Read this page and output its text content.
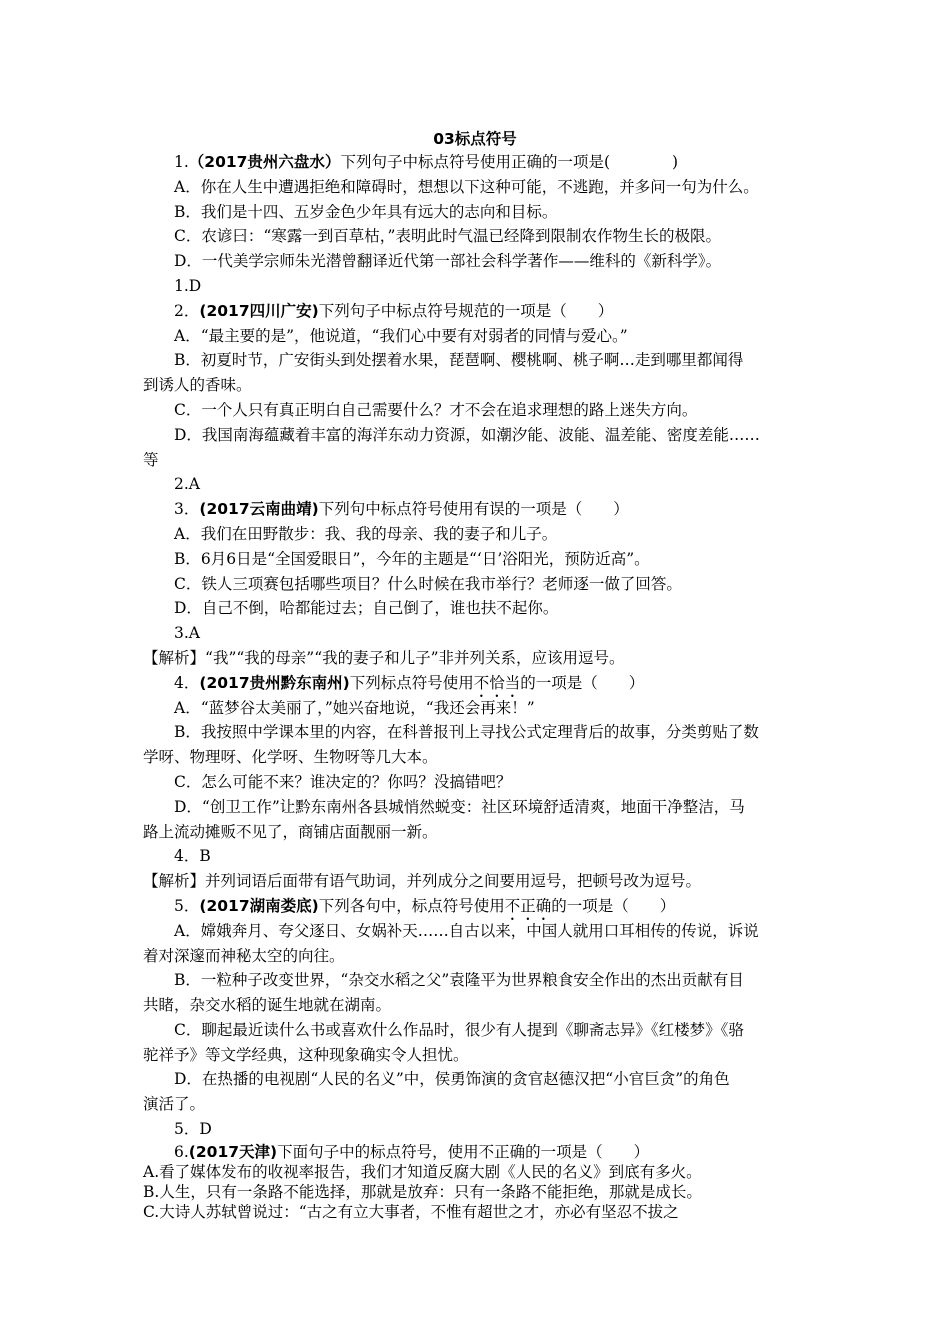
03标点符号
1.（2017贵州六盘水）下列句子中标点符号使用正确的一项是(　　　　)
A．你在人生中遭遇拒绝和障碍时，想想以下这种可能，不逃跑，并多问一句为什么。
B．我们是十四、五岁金色少年具有远大的志向和目标。
C．农谚曰：“寒露一到百草枯，”表明此时气温已经降到限制农作物生长的极限。
D．一代美学宗师朱光潜曾翻译近代第一部社会科学著作——维科的《新科学》。
1.D
2．(2017四川广安)下列句子中标点符号规范的一项是（　　）
A．“最主要的是”，他说道，“我们心中要有对弱者的同情与爱心。”
B．初夏时节，广安街头到处摆着水果，琵琶啊、樱桃啊、桃子啊…走到哪里都闻得
到诱人的香味。
C．一个人只有真正明白自己需要什么？才不会在追求理想的路上迷失方向。
D．我国南海蕴藏着丰富的海洋东动力资源，如潮汐能、波能、温差能、密度差能……
等
2.A
3．(2017云南曲靖)下列句中标点符号使用有误的一项是（　　）
A．我们在田野散步：我、我的母亲、我的妻子和儿子。
B．6月6日是“全国爱眼日”，今年的主题是“‘日’浴阳光，预防近高”。
C．铁人三项赛包括哪些项目？什么时候在我市举行？老师逐一做了回答。
D．自己不倒，哈都能过去；自己倒了，谁也扶不起你。
3.A
【解析】“我”“我的母亲”“我的妻子和儿子”非并列关系，应该用逗号。
4．(2017贵州黔东南州)下列标点符号使用不恰当的一项是（　　）
A．“蓝梦谷太美丽了，”她兴奋地说，“我还会再来！”
B．我按照中学课本里的内容，在科普报刊上寻找公式定理背后的故事，分类剪贴了数
学呀、物理呀、化学呀、生物呀等几大本。
C．怎么可能不来？谁决定的？你吗？没搞错吧？
D．“创卫工作”让黔东南州各县城悄然蜕变：社区环境舒适清爽，地面干净整洁，马
路上流动摊贩不见了，商铺店面靓丽一新。
4．B
【解析】并列词语后面带有语气助词，并列成分之间要用逗号，把顿号改为逗号。
5．(2017湖南娄底)下列各句中，标点符号使用不正确的一项是（　　）
A．嫦娥奔月、夸父逐日、女娲补天……自古以来，中国人就用口耳相传的传说，诉说
着对深邃而神秘太空的向往。
B．一粒种子改变世界，“杂交水稻之父”袁隆平为世界粮食安全作出的杰出贡献有目
共睹，杂交水稻的诞生地就在湖南。
C．聊起最近读什么书或喜欢什么作品时，很少有人提到《聊斋志异》《红楼梦》《骆
驼祥予》等文学经典，这种现象确实令人担忧。
D．在热播的电视剧“人民的名义”中，侯勇饰演的贪官赵德汉把“小官巨贪”的角色
演活了。
5．D
6.(2017天津)下面句子中的标点符号，使用不正确的一项是（　　）
A.看了媒体发布的收视率报告，我们才知道反腐大剧《人民的名义》到底有多火。
B.人生，只有一条路不能选择，那就是放弃：只有一条路不能拒绝，那就是成长。
C.大诗人苏轼曾说过：“古之有立大事者，不惟有超世之才，亦必有坚忍不拔之
